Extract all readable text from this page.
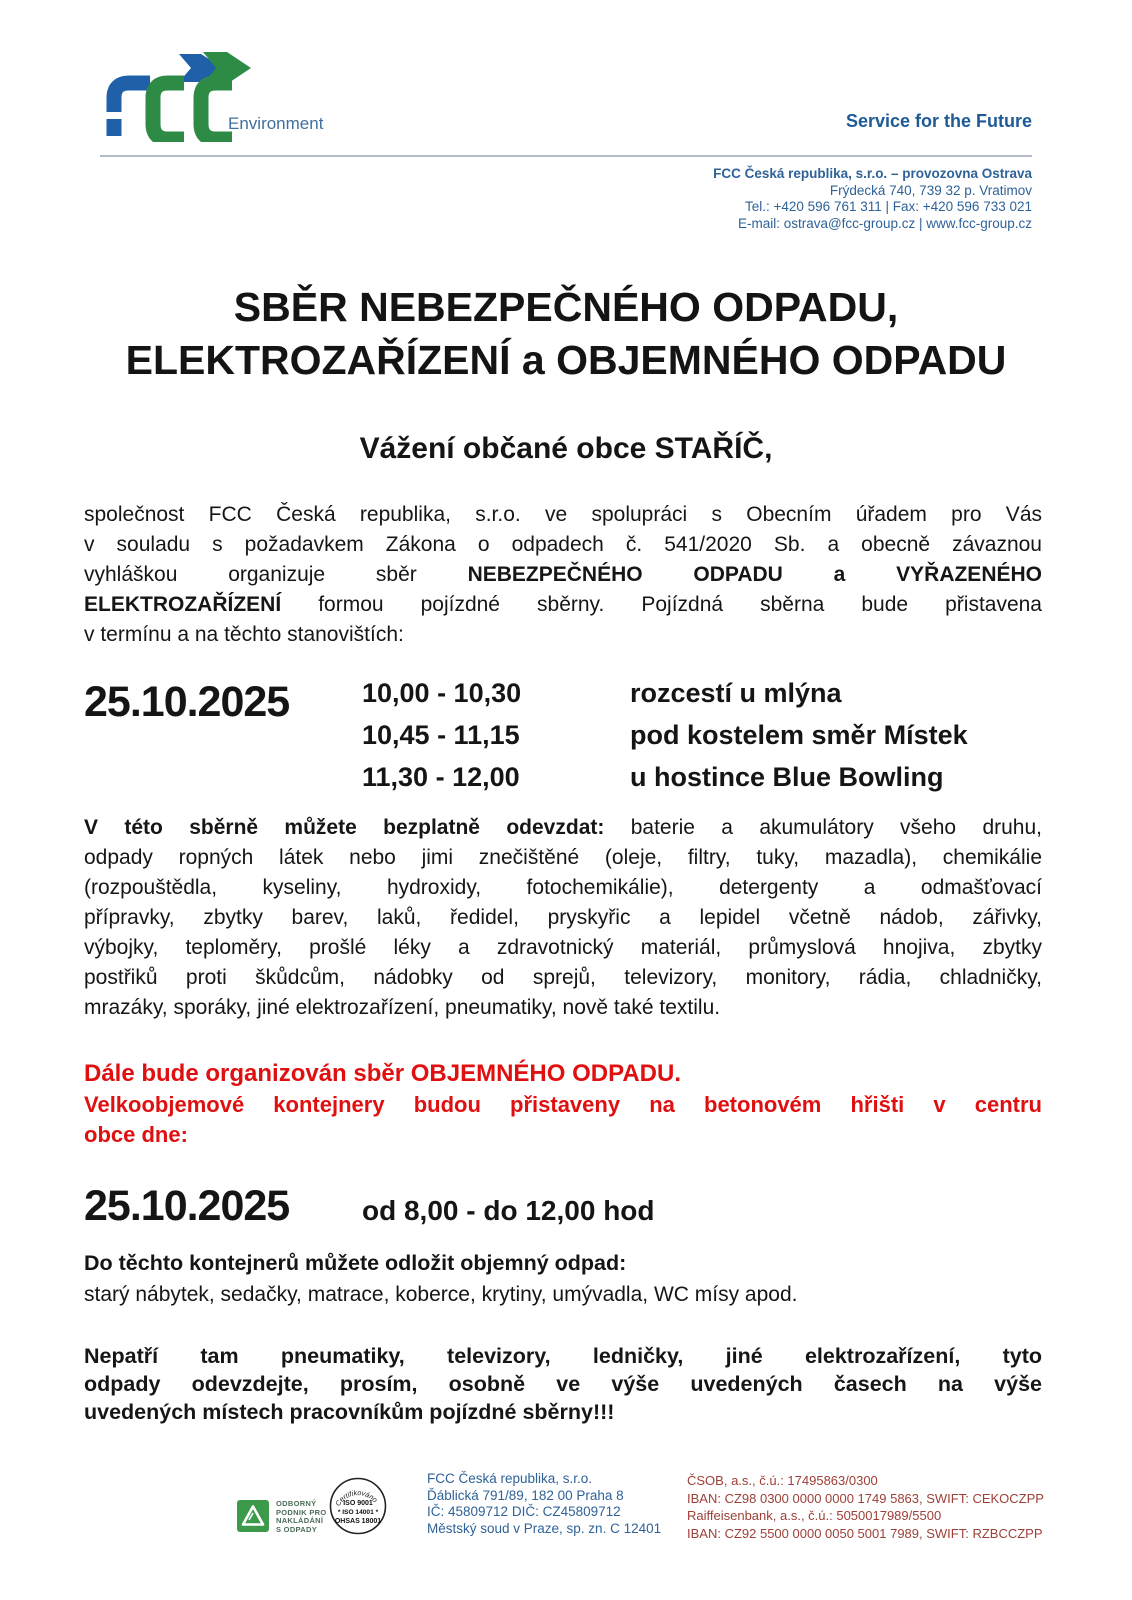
Environment	Service for the Future
FCC Česká republika, s.r.o. – provozovna Ostrava
Frýdecká 740, 739 32 p. Vratimov
Tel.: +420 596 761 311 | Fax: +420 596 733 021
E-mail: ostrava@fcc-group.cz | www.fcc-group.cz
SBĚR NEBEZPEČNÉHO ODPADU,
ELEKTROZAŘÍZENÍ a OBJEMNÉHO ODPADU
Vážení občané obce STAŘÍČ,
společnost FCC Česká republika, s.r.o. ve spolupráci s Obecním úřadem pro Vás
v souladu s požadavkem Zákona o odpadech č. 541/2020 Sb. a obecně závaznou
vyhláškou organizuje sběr NEBEZPEČNÉHO ODPADU a VYŘAZENÉHO
ELEKTROZAŘÍZENÍ formou pojízdné sběrny. Pojízdná sběrna bude přistavena
v termínu a na těchto stanovištích:
25.10.2025	10,00 - 10,30	rozcestí u mlýna
10,45 - 11,15	pod kostelem směr Místek
11,30 - 12,00	u hostince Blue Bowling
V této sběrně můžete bezplatně odevzdat: baterie a akumulátory všeho druhu,
odpady ropných látek nebo jimi znečištěné (oleje, filtry, tuky, mazadla), chemikálie
(rozpouštědla, kyseliny, hydroxidy, fotochemikálie), detergenty a odmašťovací
přípravky, zbytky barev, laků, ředidel, pryskyřic a lepidel včetně nádob, zářivky,
výbojky, teploměry, prošlé léky a zdravotnický materiál, průmyslová hnojiva, zbytky
postřiků proti škůdcům, nádobky od sprejů, televizory, monitory, rádia, chladničky,
mrazáky, sporáky, jiné elektrozařízení, pneumatiky, nově také textilu.
Dále bude organizován sběr OBJEMNÉHO ODPADU.
Velkoobjemové kontejnery budou přistaveny na betonovém hřišti v centru
obce dne:
25.10.2025	od 8,00 - do 12,00 hod
Do těchto kontejnerů můžete odložit objemný odpad:
starý nábytek, sedačky, matrace, koberce, krytiny, umývadla, WC mísy apod.
Nepatří tam pneumatiky, televizory, ledničky, jiné elektrozařízení, tyto
odpady odevzdejte, prosím, osobně ve výše uvedených časech na výše
uvedených místech pracovníkům pojízdné sběrny!!!
ODBORNÝ
PODNIK PRO
NAKLÁDÁNÍ
S ODPADY
Certifikováno
ISO 9001
* ISO 14001 *
OHSAS 18001
FCC Česká republika, s.r.o.
Ďáblická 791/89, 182 00 Praha 8
IČ: 45809712 DIČ: CZ45809712
Městský soud v Praze, sp. zn. C 12401
ČSOB, a.s., č.ú.: 17495863/0300
IBAN: CZ98 0300 0000 0000 1749 5863, SWIFT: CEKOCZPP
Raiffeisenbank, a.s., č.ú.: 5050017989/5500
IBAN: CZ92 5500 0000 0050 5001 7989, SWIFT: RZBCCZPP
